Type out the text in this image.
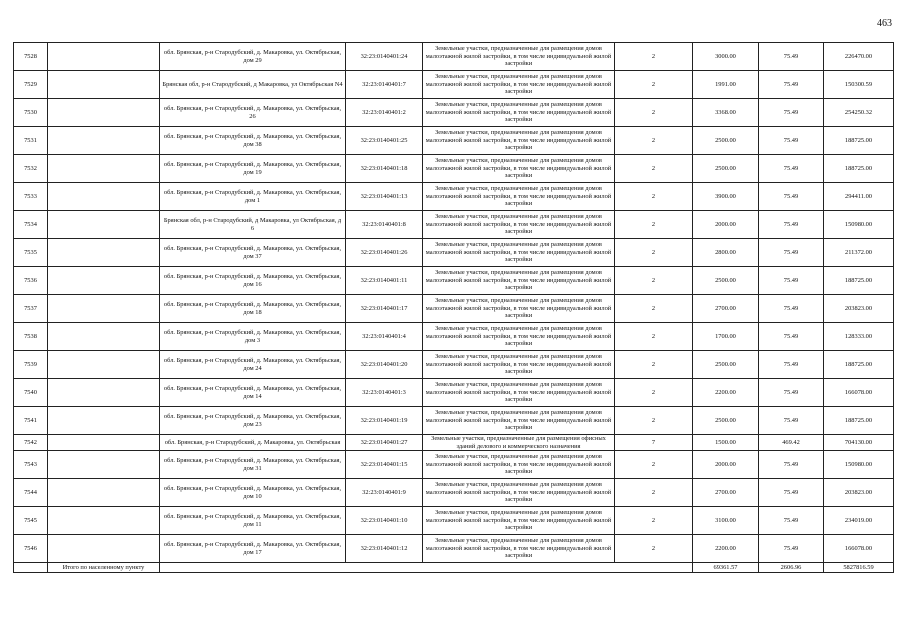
463
7528		обл. Брянская, р-н Стародубский, д. Макаровка, ул. Октябрьская, дом 29	32:23:0140401:24	Земельные участки, предназначенные для размещения домов малоэтажной жилой застройки, в том числе индивидуальной жилой застройки	2	3000.00	75.49	226470.00
7529		Брянская обл, р-н Стародубский, д Макаровка, ул Октябрьская N4	32:23:0140401:7	Земельные участки, предназначенные для размещения домов малоэтажной жилой застройки, в том числе индивидуальной жилой застройки	2	1991.00	75.49	150300.59
7530		обл. Брянская, р-н Стародубский, д. Макаровка, ул. Октябрьская, 26	32:23:0140401:2	Земельные участки, предназначенные для размещения домов малоэтажной жилой застройки, в том числе индивидуальной жилой застройки	2	3368.00	75.49	254250.32
7531		обл. Брянская, р-н Стародубский, д. Макаровка, ул. Октябрьская, дом 38	32:23:0140401:25	Земельные участки, предназначенные для размещения домов малоэтажной жилой застройки, в том числе индивидуальной жилой застройки	2	2500.00	75.49	188725.00
7532		обл. Брянская, р-н Стародубский, д. Макаровка, ул. Октябрьская, дом 19	32:23:0140401:18	Земельные участки, предназначенные для размещения домов малоэтажной жилой застройки, в том числе индивидуальной жилой застройки	2	2500.00	75.49	188725.00
7533		обл. Брянская, р-н Стародубский, д. Макаровка, ул. Октябрьская, дом 1	32:23:0140401:13	Земельные участки, предназначенные для размещения домов малоэтажной жилой застройки, в том числе индивидуальной жилой застройки	2	3900.00	75.49	294411.00
7534		Брянская обл, р-н Стародубский, д Макаровка, ул Октябрьская, д 6	32:23:0140401:8	Земельные участки, предназначенные для размещения домов малоэтажной жилой застройки, в том числе индивидуальной жилой застройки	2	2000.00	75.49	150980.00
7535		обл. Брянская, р-н Стародубский, д. Макаровка, ул. Октябрьская, дом 37	32:23:0140401:26	Земельные участки, предназначенные для размещения домов малоэтажной жилой застройки, в том числе индивидуальной жилой застройки	2	2800.00	75.49	211372.00
7536		обл. Брянская, р-н Стародубский, д. Макаровка, ул. Октябрьская, дом 16	32:23:0140401:11	Земельные участки, предназначенные для размещения домов малоэтажной жилой застройки, в том числе индивидуальной жилой застройки	2	2500.00	75.49	188725.00
7537		обл. Брянская, р-н Стародубский, д. Макаровка, ул. Октябрьская, дом 18	32:23:0140401:17	Земельные участки, предназначенные для размещения домов малоэтажной жилой застройки, в том числе индивидуальной жилой застройки	2	2700.00	75.49	203823.00
7538		обл. Брянская, р-н Стародубский, д. Макаровка, ул. Октябрьская, дом 3	32:23:0140401:4	Земельные участки, предназначенные для размещения домов малоэтажной жилой застройки, в том числе индивидуальной жилой застройки	2	1700.00	75.49	128333.00
7539		обл. Брянская, р-н Стародубский, д. Макаровка, ул. Октябрьская, дом 24	32:23:0140401:20	Земельные участки, предназначенные для размещения домов малоэтажной жилой застройки, в том числе индивидуальной жилой застройки	2	2500.00	75.49	188725.00
7540		обл. Брянская, р-н Стародубский, д. Макаровка, ул. Октябрьская, дом 14	32:23:0140401:3	Земельные участки, предназначенные для размещения домов малоэтажной жилой застройки, в том числе индивидуальной жилой застройки	2	2200.00	75.49	166078.00
7541		обл. Брянская, р-н Стародубский, д. Макаровка, ул. Октябрьская, дом 23	32:23:0140401:19	Земельные участки, предназначенные для размещения домов малоэтажной жилой застройки, в том числе индивидуальной жилой застройки	2	2500.00	75.49	188725.00
7542		обл. Брянская, р-н Стародубский, д. Макаровка, ул. Октябрьская	32:23:0140401:27	Земельные участки, предназначенные для размещения офисных зданий делового и коммерческого назначения	7	1500.00	469.42	704130.00
7543		обл. Брянская, р-н Стародубский, д. Макаровка, ул. Октябрьская, дом 31	32:23:0140401:15	Земельные участки, предназначенные для размещения домов малоэтажной жилой застройки, в том числе индивидуальной жилой застройки	2	2000.00	75.49	150980.00
7544		обл. Брянская, р-н Стародубский, д. Макаровка, ул. Октябрьская, дом 10	32:23:0140401:9	Земельные участки, предназначенные для размещения домов малоэтажной жилой застройки, в том числе индивидуальной жилой застройки	2	2700.00	75.49	203823.00
7545		обл. Брянская, р-н Стародубский, д. Макаровка, ул. Октябрьская, дом 11	32:23:0140401:10	Земельные участки, предназначенные для размещения домов малоэтажной жилой застройки, в том числе индивидуальной жилой застройки	2	3100.00	75.49	234019.00
7546		обл. Брянская, р-н Стародубский, д. Макаровка, ул. Октябрьская, дом 17	32:23:0140401:12	Земельные участки, предназначенные для размещения домов малоэтажной жилой застройки, в том числе индивидуальной жилой застройки	2	2200.00	75.49	166078.00
	Итого по населенному пункту					69361.57	2606.96	5827816.59
